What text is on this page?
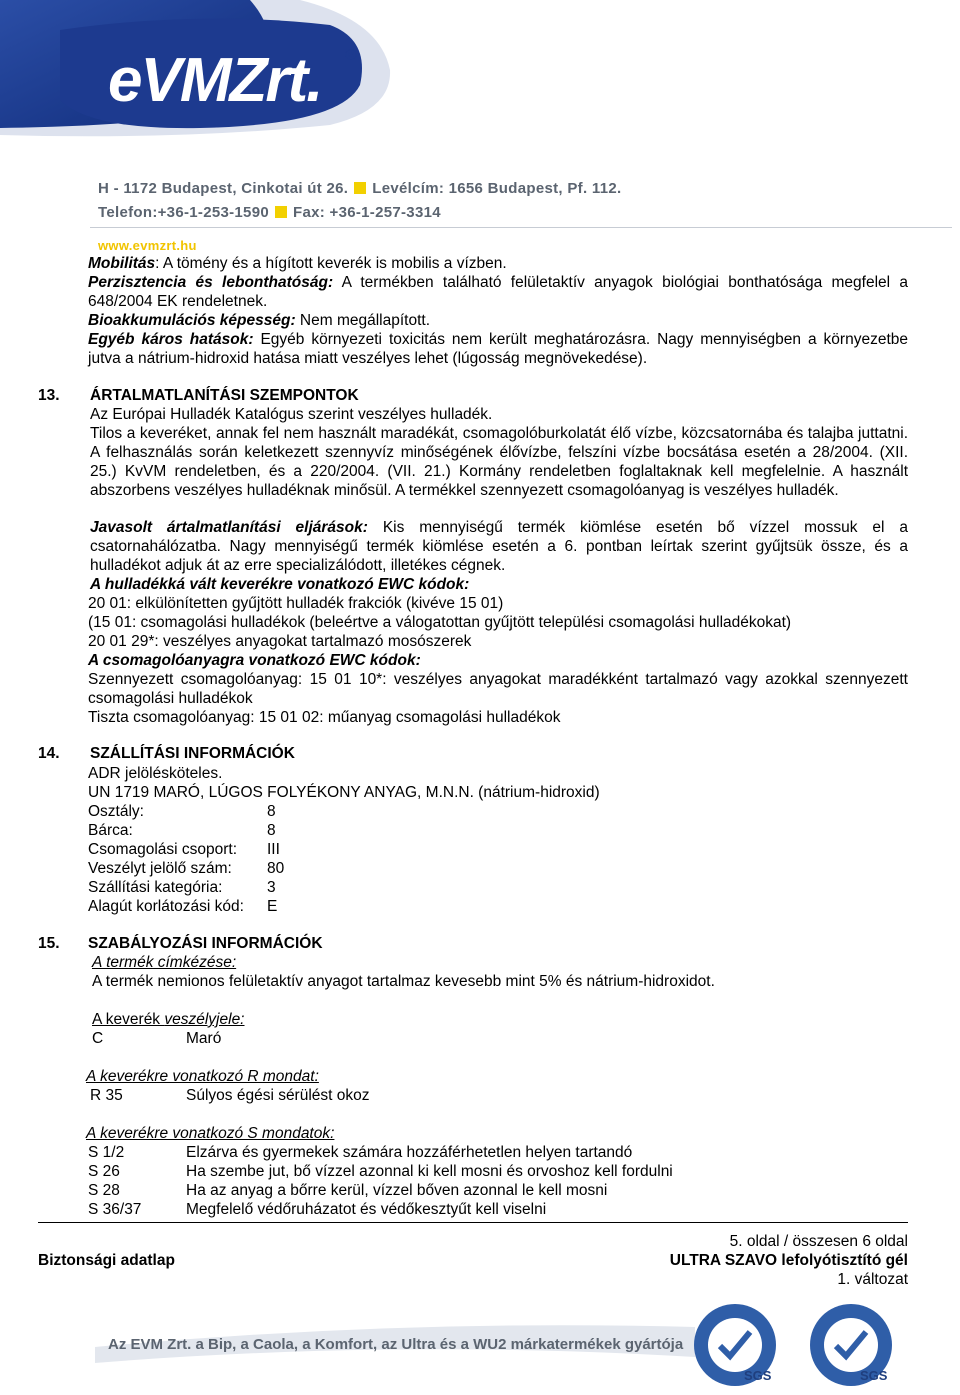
eVMZrt. ®
H - 1172 Budapest, Cinkotai út 26. Levélcím: 1656 Budapest, Pf. 112.
Telefon:+36-1-253-1590 Fax: +36-1-257-3314
www.evmzrt.hu
Mobilitás: A tömény és a hígított keverék is mobilis a vízben.
Perzisztencia és lebonthatóság: A termékben található felületaktív anyagok biológiai bonthatósága megfelel a 648/2004 EK rendeletnek.
Bioakkumulációs képesség: Nem megállapított.
Egyéb káros hatások: Egyéb környezeti toxicitás nem került meghatározásra. Nagy mennyiségben a környezetbe jutva a nátrium-hidroxid hatása miatt veszélyes lehet (lúgosság megnövekedése).
13. ÁRTALMATLANÍTÁSI SZEMPONTOK
Az Európai Hulladék Katalógus szerint veszélyes hulladék.
Tilos a keveréket, annak fel nem használt maradékát, csomagolóburkolatát élő vízbe, közcsatornába és talajba juttatni. A felhasználás során keletkezett szennyvíz minőségének élővízbe, felszíni vízbe bocsátása esetén a 28/2004. (XII. 25.) KvVM rendeletben, és a 220/2004. (VII. 21.) Kormány rendeletben foglaltaknak kell megfelelnie. A használt abszorbens veszélyes hulladéknak minősül. A termékkel szennyezett csomagolóanyag is veszélyes hulladék.
Javasolt ártalmatlanítási eljárások: Kis mennyiségű termék kiömlése esetén bő vízzel mossuk el a csatornahálózatba. Nagy mennyiségű termék kiömlése esetén a 6. pontban leírtak szerint gyűjtsük össze, és a hulladékot adjuk át az erre specializálódott, illetékes cégnek.
A hulladékká vált keverékre vonatkozó EWC kódok:
20 01: elkülönítetten gyűjtött hulladék frakciók (kivéve 15 01)
(15 01: csomagolási hulladékok (beleértve a válogatottan gyűjtött települési csomagolási hulladékokat)
20 01 29*: veszélyes anyagokat tartalmazó mosószerek
A csomagolóanyagra vonatkozó EWC kódok:
Szennyezett csomagolóanyag: 15 01 10*: veszélyes anyagokat maradékként tartalmazó vagy azokkal szennyezett csomagolási hulladékok
Tiszta csomagolóanyag: 15 01 02: műanyag csomagolási hulladékok
14. SZÁLLÍTÁSI INFORMÁCIÓK
ADR jelölésköteles.
UN 1719 MARÓ, LÚGOS FOLYÉKONY ANYAG, M.N.N. (nátrium-hidroxid)
Osztály:	8
Bárca:	8
Csomagolási csoport: III
Veszélyt jelölő szám: 80
Szállítási kategória:	3
Alagút korlátozási kód: E
15. SZABÁLYOZÁSI INFORMÁCIÓK
A termék címkézése:
A termék nemionos felületaktív anyagot tartalmaz kevesebb mint 5% és nátrium-hidroxidot.
A keverék veszélyjele:
C	Maró
A keverékre vonatkozó R mondat:
R 35	Súlyos égési sérülést okoz
A keverékre vonatkozó S mondatok:
S 1/2	Elzárva és gyermekek számára hozzáférhetetlen helyen tartandó
S 26	Ha szembe jut, bő vízzel azonnal ki kell mosni és orvoshoz kell fordulni
S 28	Ha az anyag a bőrre kerül, vízzel bőven azonnal le kell mosni
S 36/37	Megfelelő védőruházatot és védőkesztyűt kell viselni
5. oldal / összesen 6 oldal
Biztonsági adatlap	ULTRA SZAVO lefolyótisztító gél
1. változat
Az EVM Zrt. a Bip, a Caola, a Komfort, az Ultra és a WU2 márkatermékek gyártója
SGS	SGS
